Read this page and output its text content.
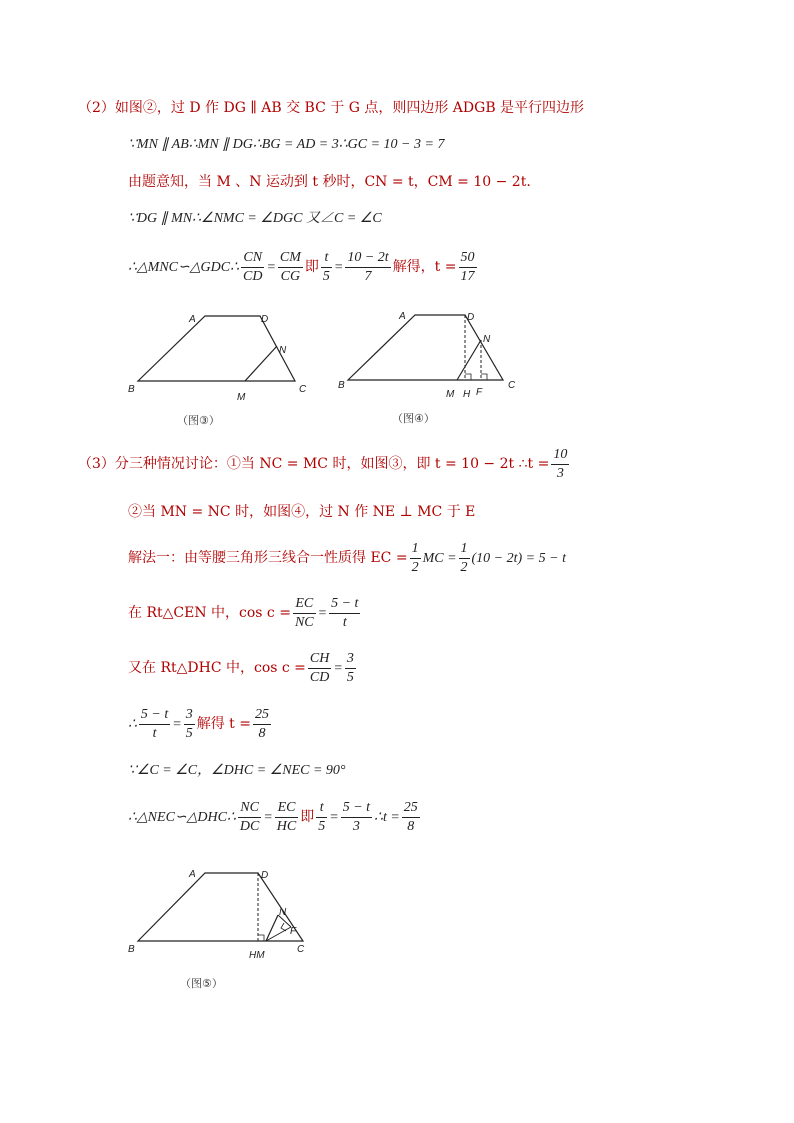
（2）如图②，过 D 作 DG ∥ AB 交 BC 于 G 点，则四边形 ADGB 是平行四边形
∵MN ∥ AB∴MN ∥ DG∴BG = AD = 3∴GC = 10 − 3 = 7
由题意知，当 M 、N 运动到 t 秒时，CN = t，CM = 10 − 2t.
∵DG ∥ MN∴∠NMC = ∠DGC 又∠C = ∠C
∴△MNC∽△GDC∴ $\frac{CN}{CD} = \frac{CM}{CG}$ 即 $\frac{t}{5} = \frac{10 - 2t}{7}$ 解得，$t = \frac{50}{17}$
A	D
N
B
M
C
（图③）
A	D
N
B
M H F
C
（图④）
（3）分三种情况讨论：①当 NC = MC 时，如图③，即 t = 10 − 2t ∴t = $\frac{10}{3}$
②当 MN = NC 时，如图④，过 N 作 NE ⊥ MC 于 E
解法一：由等腰三角形三线合一性质得 EC = $\frac{1}{2}$ MC = $\frac{1}{2} (10 - 2t) = 5 - t$
在 Rt△CEN 中，$\cos c = \frac{EC}{NC} = \frac{5 - t}{t}$
又在 Rt△DHC 中，$\cos c = \frac{CH}{CD} = \frac{3}{5}$
∴ $\frac{5 - t}{t} = \frac{3}{5}$ 解得 $t = \frac{25}{8}$
∵∠C = ∠C，∠DHC = ∠NEC = 90°
∴△NEC∽△DHC∴ $\frac{NC}{DC} = \frac{EC}{HC}$ 即 $\frac{t}{5} = \frac{5 - t}{3}$ ∴t = $\frac{25}{8}$
A	D
N
F
B
HM
C
（图⑤）
